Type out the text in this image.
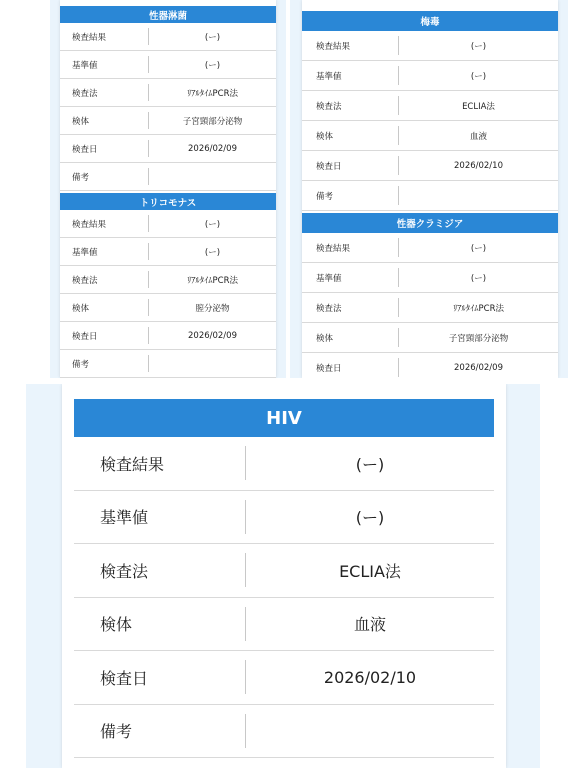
性器淋菌
検査結果	(ー)
基準値	(ー)
検査法	ﾘｱﾙﾀｲﾑPCR法
検体	子宮頸部分泌物
検査日	2026/02/09
備考
トリコモナス
検査結果	(ー)
基準値	(ー)
検査法	ﾘｱﾙﾀｲﾑPCR法
検体	膣分泌物
検査日	2026/02/09
備考
梅毒
検査結果	(ー)
基準値	(ー)
検査法	ECLIA法
検体	血液
検査日	2026/02/10
備考
性器クラミジア
検査結果	(ー)
基準値	(ー)
検査法	ﾘｱﾙﾀｲﾑPCR法
検体	子宮頸部分泌物
検査日	2026/02/09
HIV
検査結果	(ー)
基準値	(ー)
検査法	ECLIA法
検体	血液
検査日	2026/02/10
備考
